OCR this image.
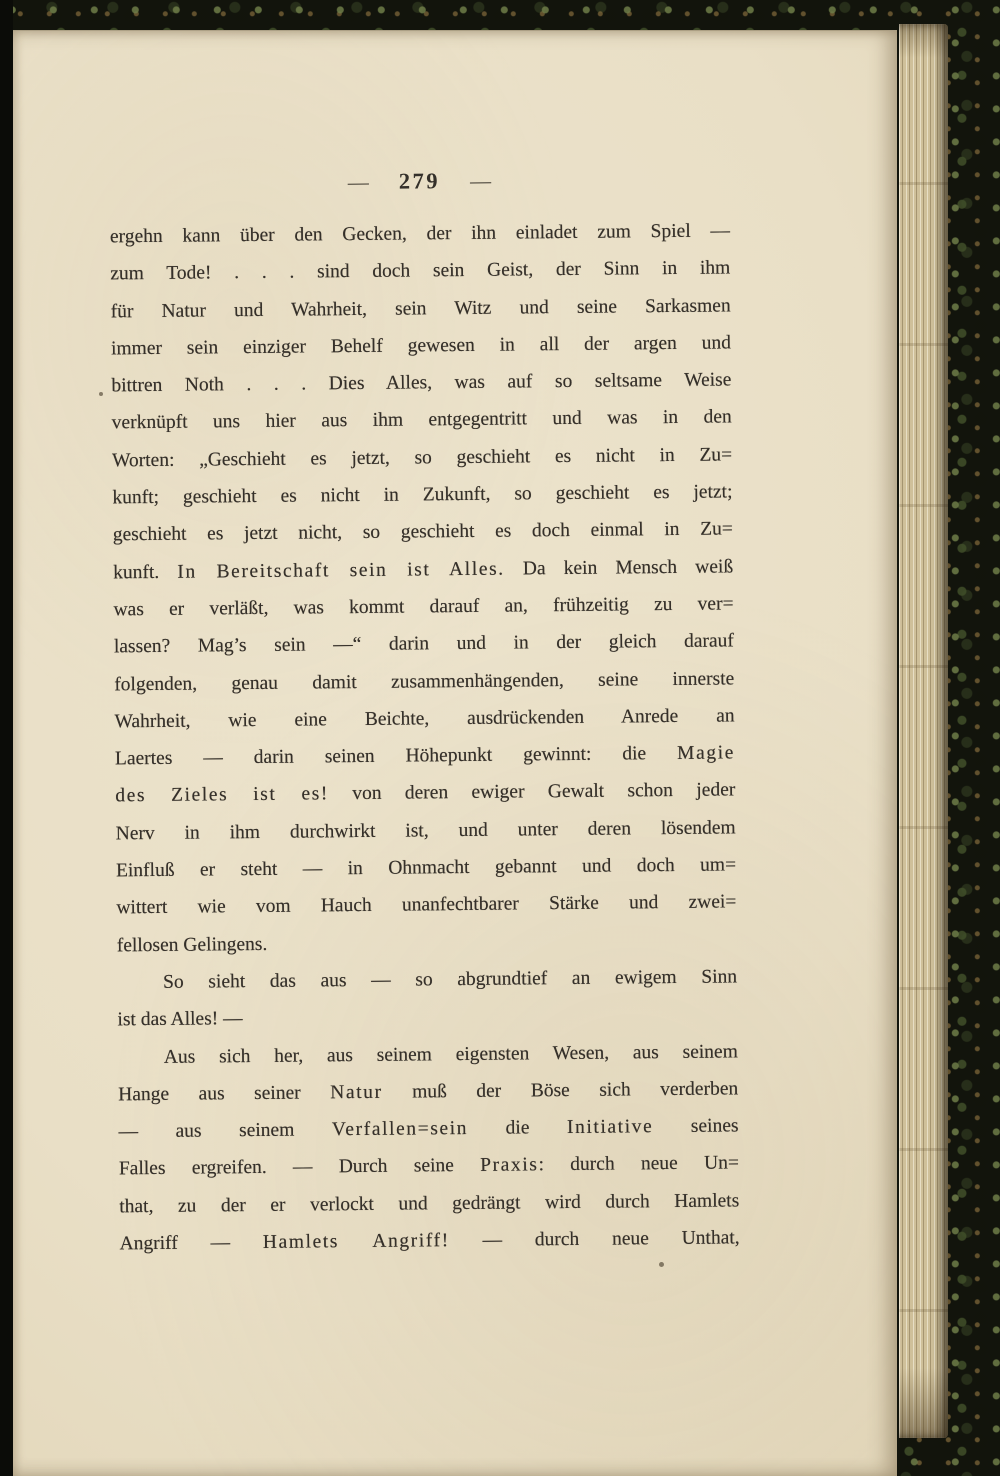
— 279 —
ergehn kann über den Gecken, der ihn einladet zum Spiel —
zum Tode! . . . sind doch sein Geist, der Sinn in ihm
für Natur und Wahrheit, sein Witz und seine Sarkasmen
immer sein einziger Behelf gewesen in all der argen und
bittren Noth . . . Dies Alles, was auf so seltsame Weise
verknüpft uns hier aus ihm entgegentritt und was in den
Worten: „Geschieht es jetzt, so geschieht es nicht in Zu=
kunft; geschieht es nicht in Zukunft, so geschieht es jetzt;
geschieht es jetzt nicht, so geschieht es doch einmal in Zu=
kunft. In Bereitschaft sein ist Alles. Da kein Mensch weiß
was er verläßt, was kommt darauf an, frühzeitig zu ver=
lassen? Mag’s sein —“ darin und in der gleich darauf
folgenden, genau damit zusammenhängenden, seine innerste
Wahrheit, wie eine Beichte, ausdrückenden Anrede an
Laertes — darin seinen Höhepunkt gewinnt: die Magie
des Zieles ist es! von deren ewiger Gewalt schon jeder
Nerv in ihm durchwirkt ist, und unter deren lösendem
Einfluß er steht — in Ohnmacht gebannt und doch um=
wittert wie vom Hauch unanfechtbarer Stärke und zwei=
fellosen Gelingens.
So sieht das aus — so abgrundtief an ewigem Sinn
ist das Alles! —
Aus sich her, aus seinem eigensten Wesen, aus seinem
Hange aus seiner Natur muß der Böse sich verderben
— aus seinem Verfallen=sein die Initiative seines
Falles ergreifen. — Durch seine Praxis: durch neue Un=
that, zu der er verlockt und gedrängt wird durch Hamlets
Angriff — Hamlets Angriff! — durch neue Unthat,
